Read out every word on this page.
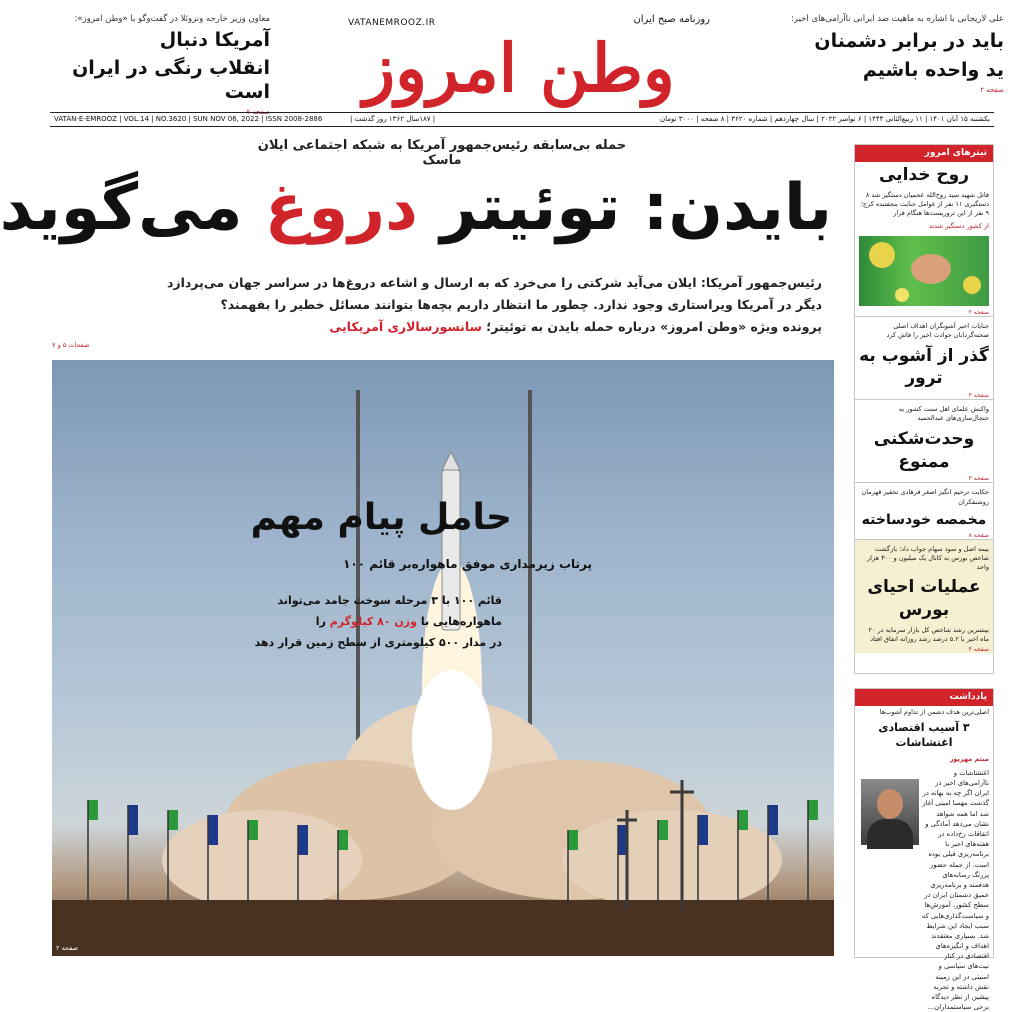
معاون وزیر خارجه ونزوئلا در گفت‌وگو با «وطن امروز»:
آمریکا دنبال
انقلاب رنگی در ایران است
VATANEMROOZ.IR	روزنامه صبح ایران
وطن امروز
علی لاریجانی با اشاره به ماهیت ضد ایرانی ناآرامی‌های اخیر:
باید در برابر دشمنان
ید واحده باشیم
صفحه ۲
یکشنبه ۱۵ آبان ۱۴۰۱ | ۱۱ ربیع‌الثانی ۱۴۴۴ | ۶ نوامبر ۲۰۲۲ | سال چهاردهم | شماره ۳۶۲۰ | ۸ صفحه | ۳۰۰۰ تومان
| ۱۸۷سال ۱۳۶۲ روز گذشت |
VATAN-E-EMROOZ | VOL.14 | NO.3620 | SUN NOV 06, 2022 | ISSN 2008-2886
حمله بی‌سابقه رئیس‌جمهور آمریکا به شبکه اجتماعی ایلان ماسک
بایدن: توئیتر دروغ می‌گوید
رئیس‌جمهور آمریکا: ایلان می‌آید شرکتی را می‌خرد که به ارسال و اشاعه دروغ‌ها در سراسر جهان می‌پردازد
دیگر در آمریکا ویراستاری وجود ندارد. چطور ما انتظار داریم بچه‌ها بتوانند مسائل خطیر را بفهمند؟
پرونده ویژه «وطن امروز» درباره حمله بایدن به توئیتر؛ سانسورسالاری آمریکایی
صفحات ۵ و ۷
حامل پیام مهم
پرتاب زیرمداری موفق ماهواره‌بر قائم ۱۰۰
قائم ۱۰۰ با ۳ مرحله سوخت جامد می‌تواند
ماهواره‌هایی با وزن ۸۰ کیلوگرم را
در مدار ۵۰۰ کیلومتری از سطح زمین قرار دهد
صفحه ۲
تیترهای امروز
روح خدایی
قاتل شهید سید روح‌الله عجمیان دستگیر شد ۸ دستگیری ۱۱ نفر از عوامل جنایت بنجفتبده کرج؛ ۹ نفر از این تروریست‌ها هنگام فرار
از کشور دستگیر شدند
صفحه ۲
جنایات اخیر آشوبگران اهداف اصلی صحنه‌گردانان حوادث اخیر را فاش کرد
گذر از آشوب به ترور
صفحه ۳
واکنش علمای اهل سنت کشور به جنجال‌سازی‌های عبدالحمید
وحدت‌شکنی ممنوع
صفحه ۳
حکایت ترحیم انگیز اصغر فرهادی تحقیر قهرمان روشنفکران
مخمصه خودساخته
صفحه ۸
بیمه اصل و سود سهام جواب داد؛ بازگشت شاخص بورس به کانال یک میلیون و ۳۰۰ هزار واحد
عملیات احیای بورس
بیشترین رشد شاخص کل بازار سرمایه در ۲۰ ماه اخیر با ۵.۲ درصد رشد روزانه اتفاق افتاد
صفحه ۴
یادداشت
اصلی‌ترین هدف دشمن از تداوم آشوب‌ها
۳ آسیب اقتصادی اغتشاشات
میثم مهرپور
اغتشاشات و ناآرامی‌های اخیر در ایران اگر چه به بهانه در گذشت مهسا امینی آغاز شد اما همه شواهد نشان می‌دهد آمادگی و اتفاقات رخ‌داده در هفته‌های اخیر با برنامه‌ریزی قبلی بوده است. از جمله حضور پررنگ رسانه‌های هدفمند و برنامه‌ریزی عمیق دشمنان ایران در سطح کشور، آموزش‌ها و سیاست‌گذاری‌هایی که سبب ایجاد این شرایط شد. بسیاری معتقدند اهداف و انگیزه‌های اقتصادی در کنار نیت‌های سیاسی و امنیتی در این زمینه نقش داشته و تجربه پیشین از نظر دیدگاه برخی سیاستمداران...
